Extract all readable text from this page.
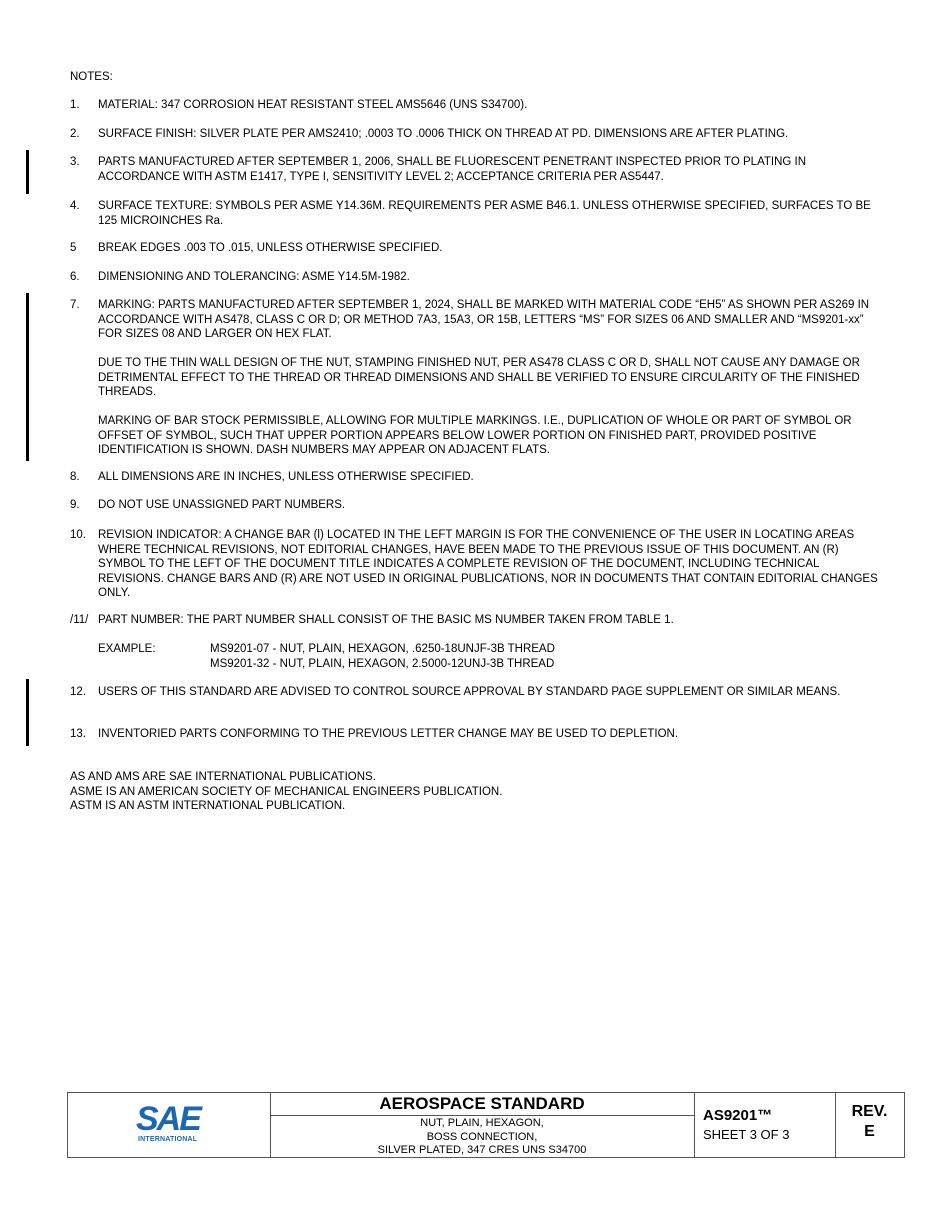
NOTES:
1. MATERIAL: 347 CORROSION HEAT RESISTANT STEEL AMS5646 (UNS S34700).

2. SURFACE FINISH: SILVER PLATE PER AMS2410; .0003 TO .0006 THICK ON THREAD AT PD. DIMENSIONS ARE AFTER PLATING.

3. PARTS MANUFACTURED AFTER SEPTEMBER 1, 2006, SHALL BE FLUORESCENT PENETRANT INSPECTED PRIOR TO PLATING IN ACCORDANCE WITH ASTM E1417, TYPE I, SENSITIVITY LEVEL 2; ACCEPTANCE CRITERIA PER AS5447.

4. SURFACE TEXTURE: SYMBOLS PER ASME Y14.36M. REQUIREMENTS PER ASME B46.1. UNLESS OTHERWISE SPECIFIED, SURFACES TO BE 125 MICROINCHES Ra.

5 BREAK EDGES .003 TO .015, UNLESS OTHERWISE SPECIFIED.

6. DIMENSIONING AND TOLERANCING: ASME Y14.5M-1982.

7. MARKING: PARTS MANUFACTURED AFTER SEPTEMBER 1, 2024, SHALL BE MARKED WITH MATERIAL CODE “EH5” AS SHOWN PER AS269 IN ACCORDANCE WITH AS478, CLASS C OR D; OR METHOD 7A3, 15A3, OR 15B, LETTERS “MS” FOR SIZES 06 AND SMALLER AND “MS9201-xx” FOR SIZES 08 AND LARGER ON HEX FLAT.

DUE TO THE THIN WALL DESIGN OF THE NUT, STAMPING FINISHED NUT, PER AS478 CLASS C OR D, SHALL NOT CAUSE ANY DAMAGE OR DETRIMENTAL EFFECT TO THE THREAD OR THREAD DIMENSIONS AND SHALL BE VERIFIED TO ENSURE CIRCULARITY OF THE FINISHED THREADS.

MARKING OF BAR STOCK PERMISSIBLE, ALLOWING FOR MULTIPLE MARKINGS. I.E., DUPLICATION OF WHOLE OR PART OF SYMBOL OR OFFSET OF SYMBOL, SUCH THAT UPPER PORTION APPEARS BELOW LOWER PORTION ON FINISHED PART, PROVIDED POSITIVE IDENTIFICATION IS SHOWN. DASH NUMBERS MAY APPEAR ON ADJACENT FLATS.

8. ALL DIMENSIONS ARE IN INCHES, UNLESS OTHERWISE SPECIFIED.

9. DO NOT USE UNASSIGNED PART NUMBERS.

10. REVISION INDICATOR: A CHANGE BAR (l) LOCATED IN THE LEFT MARGIN IS FOR THE CONVENIENCE OF THE USER IN LOCATING AREAS WHERE TECHNICAL REVISIONS, NOT EDITORIAL CHANGES, HAVE BEEN MADE TO THE PREVIOUS ISSUE OF THIS DOCUMENT. AN (R) SYMBOL TO THE LEFT OF THE DOCUMENT TITLE INDICATES A COMPLETE REVISION OF THE DOCUMENT, INCLUDING TECHNICAL REVISIONS. CHANGE BARS AND (R) ARE NOT USED IN ORIGINAL PUBLICATIONS, NOR IN DOCUMENTS THAT CONTAIN EDITORIAL CHANGES ONLY.

/11/ PART NUMBER: THE PART NUMBER SHALL CONSIST OF THE BASIC MS NUMBER TAKEN FROM TABLE 1.

EXAMPLE:	MS9201-07 - NUT, PLAIN, HEXAGON, .6250-18UNJF-3B THREAD
MS9201-32 - NUT, PLAIN, HEXAGON, 2.5000-12UNJ-3B THREAD
12. USERS OF THIS STANDARD ARE ADVISED TO CONTROL SOURCE APPROVAL BY STANDARD PAGE SUPPLEMENT OR SIMILAR MEANS.

13. INVENTORIED PARTS CONFORMING TO THE PREVIOUS LETTER CHANGE MAY BE USED TO DEPLETION.

AS AND AMS ARE SAE INTERNATIONAL PUBLICATIONS.
ASME IS AN AMERICAN SOCIETY OF MECHANICAL ENGINEERS PUBLICATION.
ASTM IS AN ASTM INTERNATIONAL PUBLICATION.
SAE
INTERNATIONAL
AEROSPACE STANDARD
NUT, PLAIN, HEXAGON,
BOSS CONNECTION,
SILVER PLATED, 347 CRES UNS S34700
AS9201™
SHEET 3 OF 3
REV.
E
